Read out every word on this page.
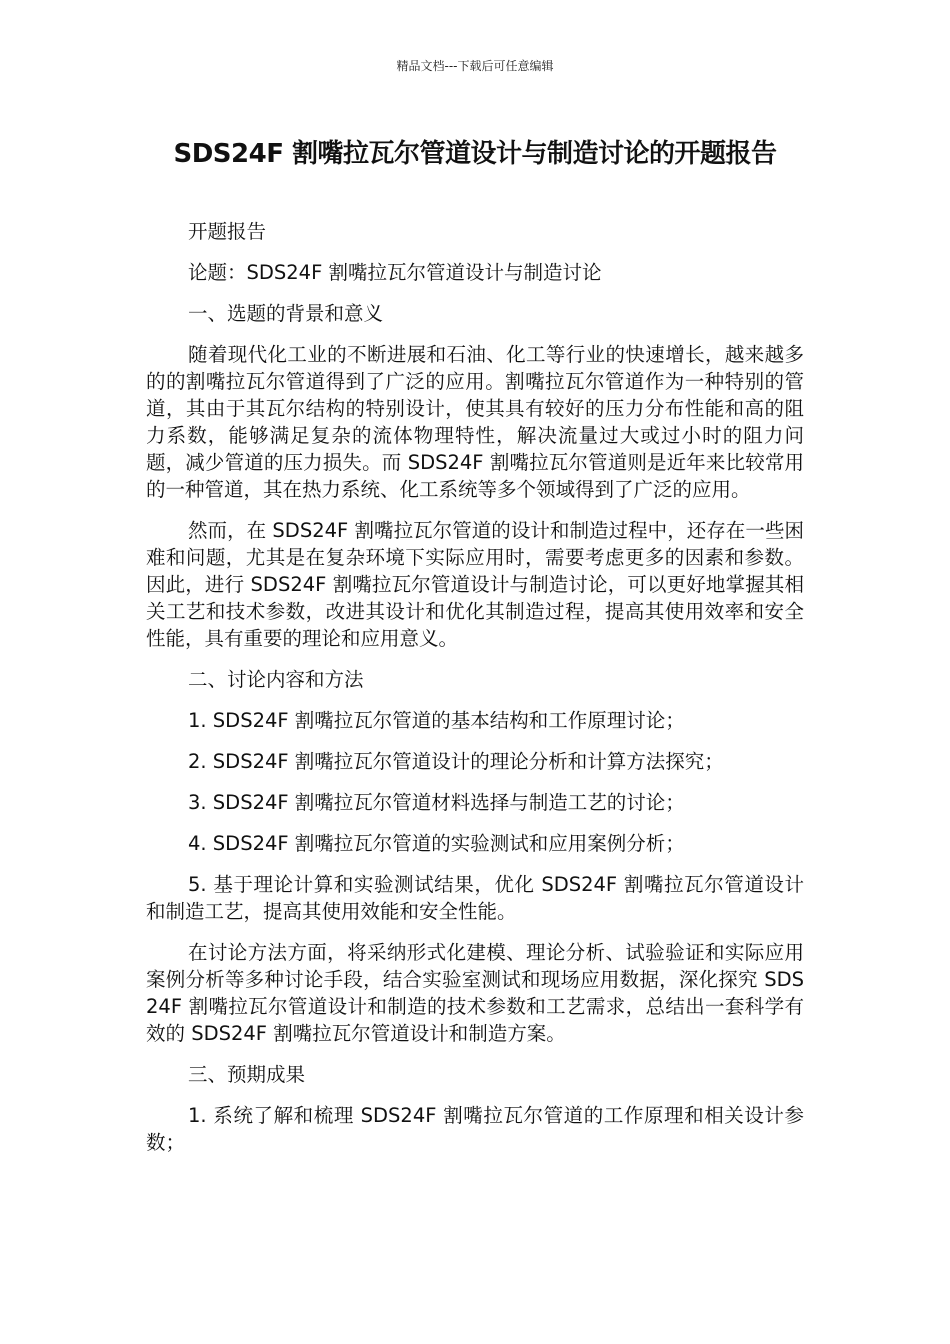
精品文档---下载后可任意编辑
SDS24F 割嘴拉瓦尔管道设计与制造讨论的开题报告

开题报告

论题：SDS24F 割嘴拉瓦尔管道设计与制造讨论

一、选题的背景和意义

随着现代化工业的不断进展和石油、化工等行业的快速增长，越来越多的的割嘴拉瓦尔管道得到了广泛的应用。割嘴拉瓦尔管道作为一种特别的管道，其由于其瓦尔结构的特别设计，使其具有较好的压力分布性能和高的阻力系数，能够满足复杂的流体物理特性，解决流量过大或过小时的阻力问题，减少管道的压力损失。而 SDS24F 割嘴拉瓦尔管道则是近年来比较常用的一种管道，其在热力系统、化工系统等多个领域得到了广泛的应用。

然而，在 SDS24F 割嘴拉瓦尔管道的设计和制造过程中，还存在一些困难和问题，尤其是在复杂环境下实际应用时，需要考虑更多的因素和参数。因此，进行 SDS24F 割嘴拉瓦尔管道设计与制造讨论，可以更好地掌握其相关工艺和技术参数，改进其设计和优化其制造过程，提高其使用效率和安全性能，具有重要的理论和应用意义。

二、讨论内容和方法

1. SDS24F 割嘴拉瓦尔管道的基本结构和工作原理讨论；

2. SDS24F 割嘴拉瓦尔管道设计的理论分析和计算方法探究；

3. SDS24F 割嘴拉瓦尔管道材料选择与制造工艺的讨论；

4. SDS24F 割嘴拉瓦尔管道的实验测试和应用案例分析；

5. 基于理论计算和实验测试结果，优化 SDS24F 割嘴拉瓦尔管道设计和制造工艺，提高其使用效能和安全性能。

在讨论方法方面，将采纳形式化建模、理论分析、试验验证和实际应用案例分析等多种讨论手段，结合实验室测试和现场应用数据，深化探究 SDS24F 割嘴拉瓦尔管道设计和制造的技术参数和工艺需求，总结出一套科学有效的 SDS24F 割嘴拉瓦尔管道设计和制造方案。

三、预期成果

1. 系统了解和梳理 SDS24F 割嘴拉瓦尔管道的工作原理和相关设计参数；
